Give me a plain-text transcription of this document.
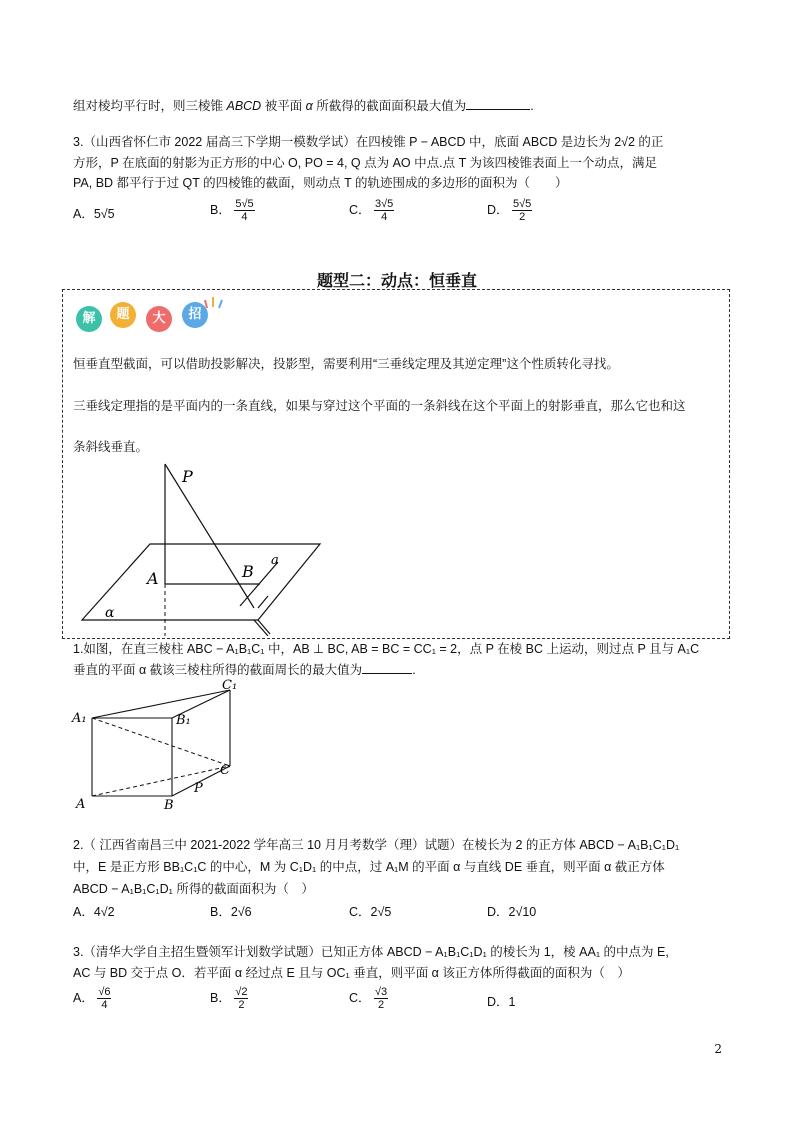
组对棱均平行时，则三棱锥 ABCD 被平面 α 所截得的截面面积最大值为	.
3.（山西省怀仁市 2022 届高三下学期一模数学试）在四棱锥 P − ABCD 中，底面 ABCD 是边长为 2√2 的正
方形，P 在底面的射影为正方形的中心 O, PO = 4, Q 点为 AO 中点.点 T 为该四棱锥表面上一个动点，满足
PA, BD 都平行于过 QT 的四棱锥的截面，则动点 T 的轨迹围成的多边形的面积为（　　）
A．5√5	B． $\frac{5√5}{4}$	C． $\frac{3√5}{4}$	D． $\frac{5√5}{2}$
题型二：动点：恒垂直
解	题	大	招
恒垂直型截面，可以借助投影解决，投影型，需要利用“三垂线定理及其逆定理”这个性质转化寻找。
三垂线定理指的是平面内的一条直线，如果与穿过这个平面的一条斜线在这个平面上的射影垂直，那么它也和这
条斜线垂直。
P
A	B
a
α
1.如图，在直三棱柱 ABC − A₁B₁C₁ 中，AB ⊥ BC, AB = BC = CC₁ = 2，点 P 在棱 BC 上运动，则过点 P 且与 A₁C
垂直的平面 α 截该三棱柱所得的截面周长的最大值为	.
C₁
A₁	B₁
C
P
A	B
2.（ 江西省南昌三中 2021-2022 学年高三 10 月月考数学（理）试题）在棱长为 2 的正方体 ABCD − A₁B₁C₁D₁
中，E 是正方形 BB₁C₁C 的中心，M 为 C₁D₁ 的中点，过 A₁M 的平面 α 与直线 DE 垂直，则平面 α 截正方体
ABCD − A₁B₁C₁D₁ 所得的截面面积为（　）
A．4√2	B．2√6	C．2√5	D．2√10
3.（清华大学自主招生暨领军计划数学试题）已知正方体 ABCD − A₁B₁C₁D₁ 的棱长为 1，棱 AA₁ 的中点为 E,
AC 与 BD 交于点 O．若平面 α 经过点 E 且与 OC₁ 垂直，则平面 α 该正方体所得截面的面积为（　）
A． $\frac{√6}{4}$	B． $\frac{√2}{2}$	C． $\frac{√3}{2}$	D．1
2
